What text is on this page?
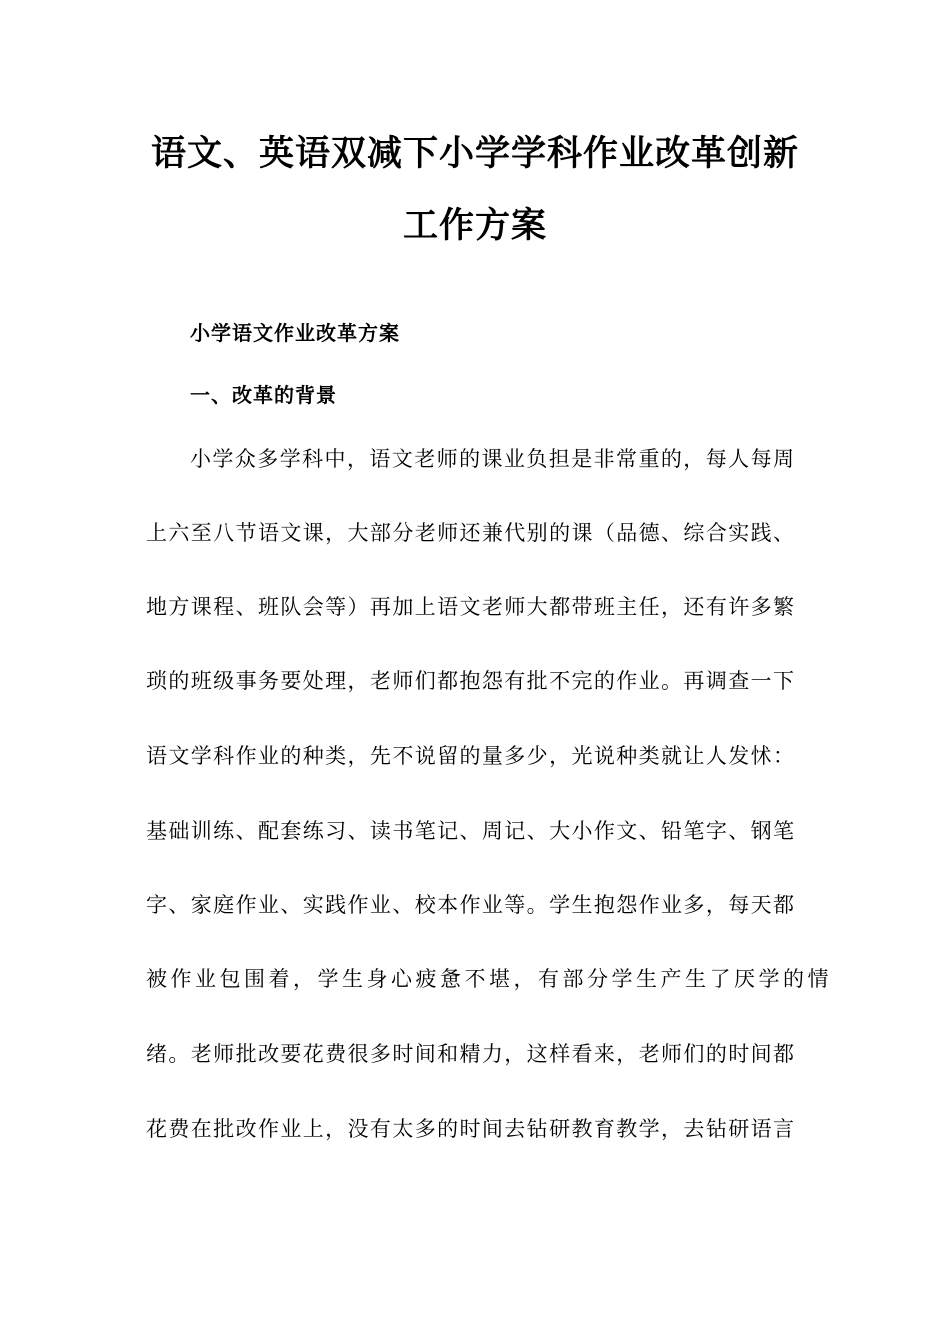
语文、英语双减下小学学科作业改革创新
工作方案
小学语文作业改革方案
一、改革的背景
小学众多学科中，语文老师的课业负担是非常重的，每人每周
上六至八节语文课，大部分老师还兼代别的课（品德、综合实践、
地方课程、班队会等）再加上语文老师大都带班主任，还有许多繁
琐的班级事务要处理，老师们都抱怨有批不完的作业。再调查一下
语文学科作业的种类，先不说留的量多少，光说种类就让人发怵：
基础训练、配套练习、读书笔记、周记、大小作文、铅笔字、钢笔
字、家庭作业、实践作业、校本作业等。学生抱怨作业多，每天都
被作业包围着，学生身心疲惫不堪，有部分学生产生了厌学的情
绪。老师批改要花费很多时间和精力，这样看来，老师们的时间都
花费在批改作业上，没有太多的时间去钻研教育教学，去钻研语言
